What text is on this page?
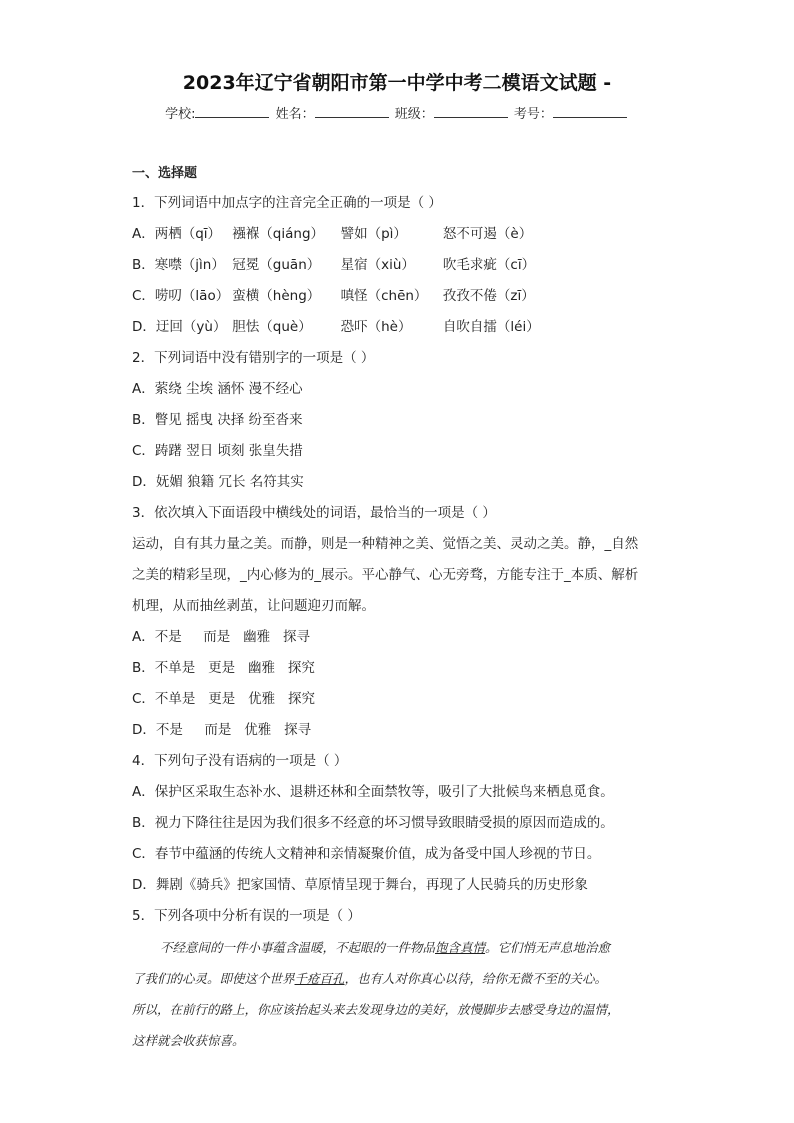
2023年辽宁省朝阳市第一中学中考二模语文试题 -
学校:	姓名：	班级：	考号：
一、选择题
1．下列词语中加点字的注音完全正确的一项是（ ）
A．两栖（qī） 襁褓（qiáng） 譬如（pì）	怒不可遏（è）
B．寒噤（jìn） 冠冕（guān） 星宿（xiù） 吹毛求疵（cī）
C．唠叨（lāo） 蛮横（hèng） 嗔怪（chēn） 孜孜不倦（zī）
D．迂回（yù） 胆怯（què） 恐吓（hè） 自吹自擂（léi）
2．下列词语中没有错别字的一项是（ ）
A．萦绕 尘埃 涵怀 漫不经心
B．瞥见 摇曳 决择 纷至沓来
C．踌躇 翌日 顷刻 张皇失措
D．妩媚 狼籍 冗长 名符其实
3．依次填入下面语段中横线处的词语，最恰当的一项是（ ）
运动，自有其力量之美。而静，则是一种精神之美、觉悟之美、灵动之美。静，_自然
之美的精彩呈现，_内心修为的_展示。平心静气、心无旁骛，方能专注于_本质、解析
机理，从而抽丝剥茧，让问题迎刃而解。
A．不是     而是   幽雅   探寻
B．不单是   更是   幽雅   探究
C．不单是   更是   优雅   探究
D．不是     而是   优雅   探寻
4．下列句子没有语病的一项是（ ）
A．保护区采取生态补水、退耕还林和全面禁牧等，吸引了大批候鸟来栖息觅食。
B．视力下降往往是因为我们很多不经意的坏习惯导致眼睛受损的原因而造成的。
C．春节中蕴涵的传统人文精神和亲情凝聚价值，成为备受中国人珍视的节日。
D．舞剧《骑兵》把家国情、草原情呈现于舞台，再现了人民骑兵的历史形象
5．下列各项中分析有误的一项是（ ）
不经意间的一件小事蕴含温暖，不起眼的一件物品饱含真情。它们悄无声息地治愈
了我们的心灵。即使这个世界千疮百孔，也有人对你真心以待，给你无微不至的关心。
所以，在前行的路上，你应该抬起头来去发现身边的美好，放慢脚步去感受身边的温情，
这样就会收获惊喜。
